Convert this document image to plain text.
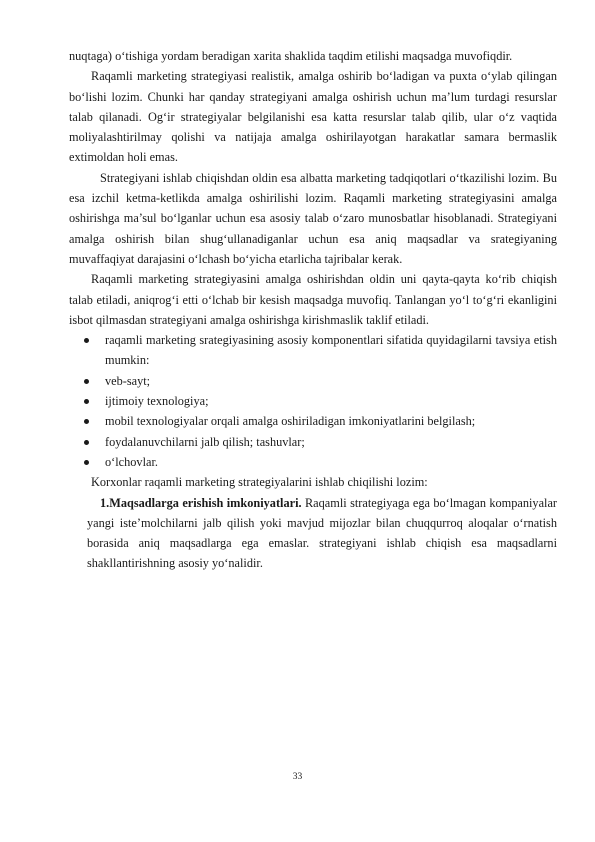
nuqtaga) o‘tishiga yordam beradigan xarita shaklida taqdim etilishi maqsadga muvofiqdir.

Raqamli marketing strategiyasi realistik, amalga oshirib bo‘ladigan va puxta o‘ylab qilingan bo‘lishi lozim. Chunki har qanday strategiyani amalga oshirish uchun ma’lum turdagi resurslar talab qilanadi. Og‘ir strategiyalar belgilanishi esa katta resurslar talab qilib, ular o‘z vaqtida moliyalashtirilmay qolishi va natijaja amalga oshirilayotgan harakatlar samara bermaslik extimoldan holi emas.

Strategiyani ishlab chiqishdan oldin esa albatta marketing tadqiqotlari o‘tkazilishi lozim. Bu esa izchil ketma-ketlikda amalga oshirilishi lozim. Raqamli marketing strategiyasini amalga oshirishga ma’sul bo‘lganlar uchun esa asosiy talab o‘zaro munosbatlar hisoblanadi. Strategiyani amalga oshirish bilan shug‘ullanadiganlar uchun esa aniq maqsadlar va srategiyaning muvaffaqiyat darajasini o‘lchash bo‘yicha etarlicha tajribalar kerak.

Raqamli marketing strategiyasini amalga oshirishdan oldin uni qayta-qayta ko‘rib chiqish talab etiladi, aniqrog‘i etti o‘lchab bir kesish maqsadga muvofiq. Tanlangan yo‘l to‘g‘ri ekanligini isbot qilmasdan strategiyani amalga oshirishga kirishmaslik taklif etiladi.

raqamli marketing srategiyasining asosiy komponentlari sifatida quyidagilarni tavsiya etish mumkin:
veb-sayt;
ijtimoiy texnologiya;
mobil texnologiyalar orqali amalga oshiriladigan imkoniyatlarini belgilash;
foydalanuvchilarni jalb qilish; tashuvlar;
o‘lchovlar.

Korxonlar raqamli marketing strategiyalarini ishlab chiqilishi lozim:

1.Maqsadlarga erishish imkoniyatlari. Raqamli strategiyaga ega bo‘lmagan kompaniyalar yangi iste’molchilarni jalb qilish yoki mavjud mijozlar bilan chuqqurroq aloqalar o‘rnatish borasida aniq maqsadlarga ega emaslar. strategiyani ishlab chiqish esa maqsadlarni shakllantirishning asosiy yo‘nalidir.

33
